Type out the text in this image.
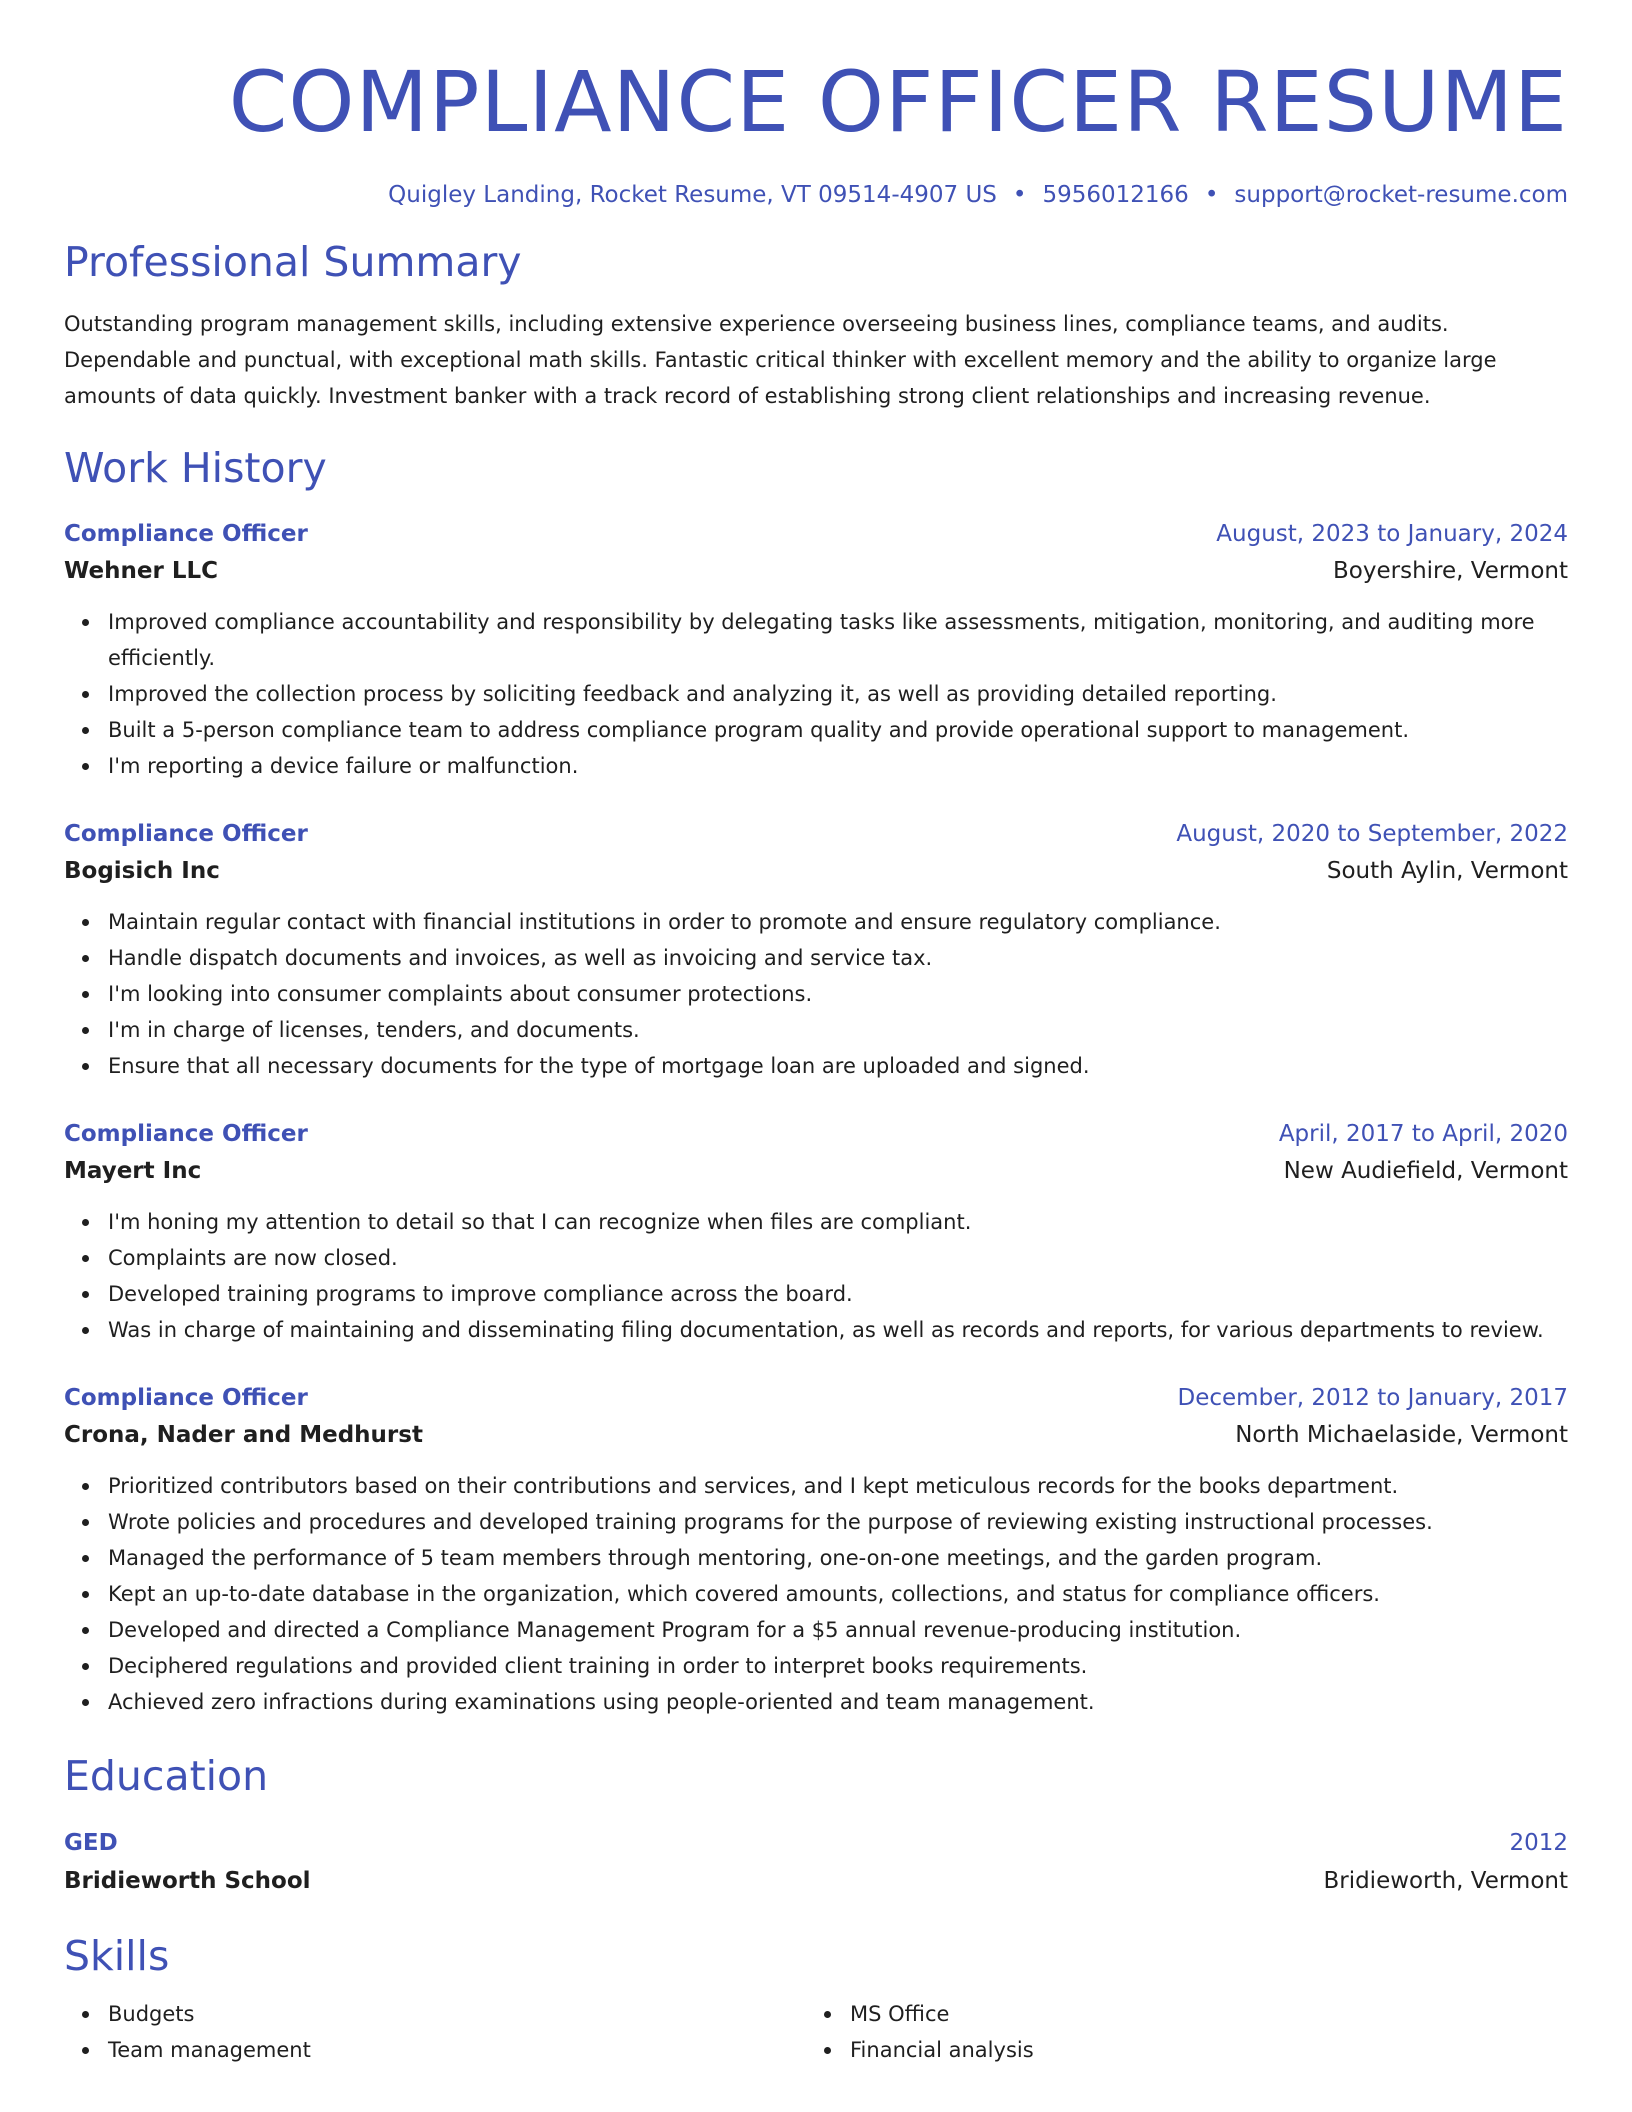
COMPLIANCE OFFICER RESUME
Quigley Landing, Rocket Resume, VT 09514-4907 US • 5956012166 • support@rocket-resume.com
Professional Summary

Outstanding program management skills, including extensive experience overseeing business lines, compliance teams, and audits. Dependable and punctual, with exceptional math skills. Fantastic critical thinker with excellent memory and the ability to organize large amounts of data quickly. Investment banker with a track record of establishing strong client relationships and increasing revenue.

Work History
Compliance Officer	August, 2023 to January, 2024
Wehner LLC	Boyershire, Vermont
Improved compliance accountability and responsibility by delegating tasks like assessments, mitigation, monitoring, and auditing more efficiently.
Improved the collection process by soliciting feedback and analyzing it, as well as providing detailed reporting.
Built a 5-person compliance team to address compliance program quality and provide operational support to management.
I'm reporting a device failure or malfunction.
Compliance Officer	August, 2020 to September, 2022
Bogisich Inc	South Aylin, Vermont
Maintain regular contact with financial institutions in order to promote and ensure regulatory compliance.
Handle dispatch documents and invoices, as well as invoicing and service tax.
I'm looking into consumer complaints about consumer protections.
I'm in charge of licenses, tenders, and documents.
Ensure that all necessary documents for the type of mortgage loan are uploaded and signed.
Compliance Officer	April, 2017 to April, 2020
Mayert Inc	New Audiefield, Vermont
I'm honing my attention to detail so that I can recognize when files are compliant.
Complaints are now closed.
Developed training programs to improve compliance across the board.
Was in charge of maintaining and disseminating filing documentation, as well as records and reports, for various departments to review.
Compliance Officer	December, 2012 to January, 2017
Crona, Nader and Medhurst	North Michaelaside, Vermont
Prioritized contributors based on their contributions and services, and I kept meticulous records for the books department.
Wrote policies and procedures and developed training programs for the purpose of reviewing existing instructional processes.
Managed the performance of 5 team members through mentoring, one-on-one meetings, and the garden program.
Kept an up-to-date database in the organization, which covered amounts, collections, and status for compliance officers.
Developed and directed a Compliance Management Program for a $5 annual revenue-producing institution.
Deciphered regulations and provided client training in order to interpret books requirements.
Achieved zero infractions during examinations using people-oriented and team management.
Education
GED	2012
Bridieworth School	Bridieworth, Vermont
Skills
Budgets
Team management
MS Office
Financial analysis
